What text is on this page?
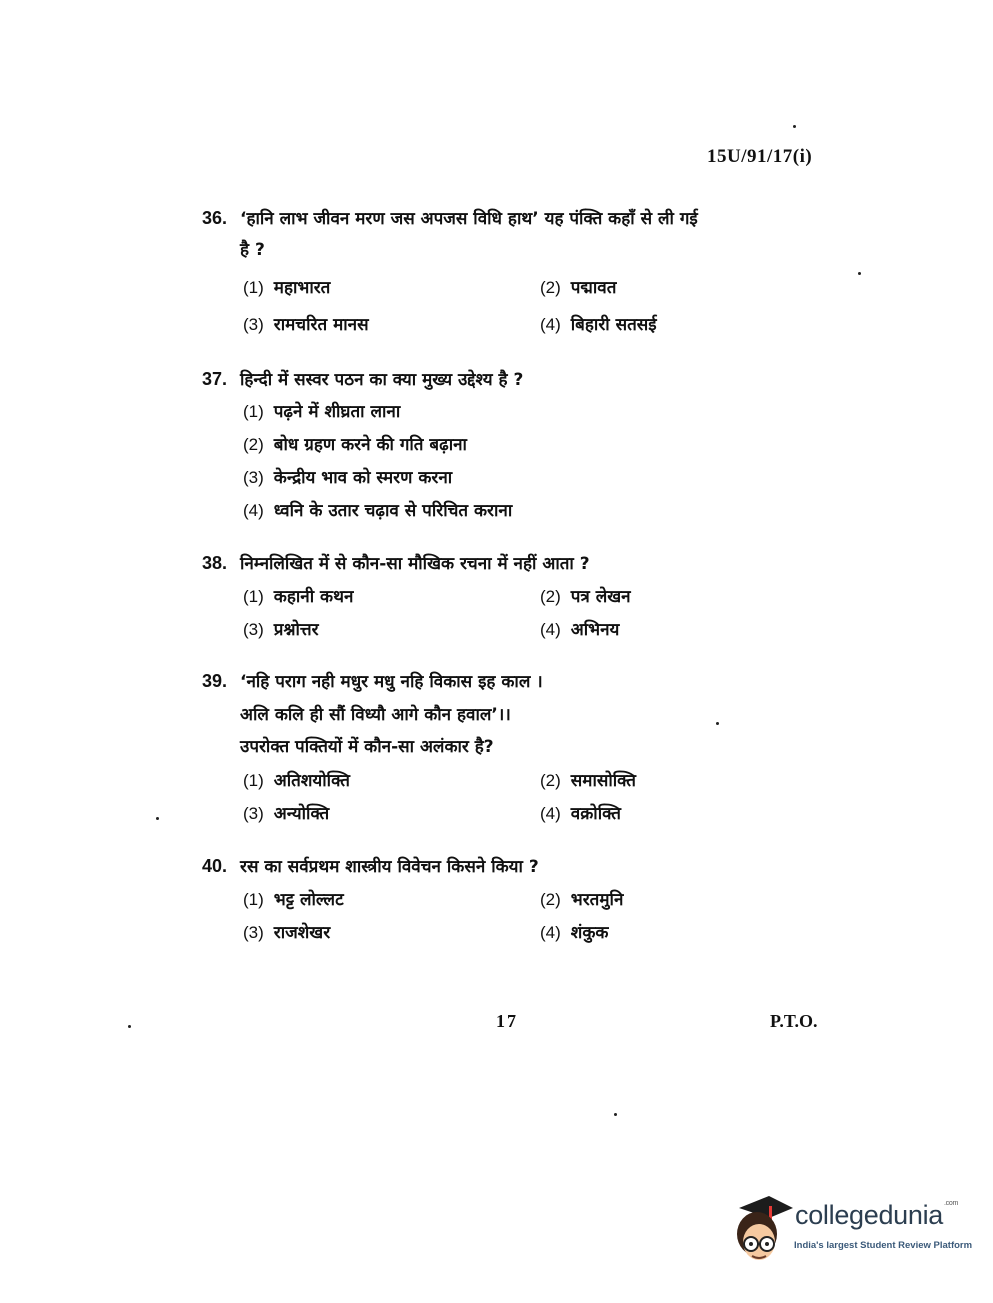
15U/91/17(i)
36. ‘हानि लाभ जीवन मरण जस अपजस विधि हाथ’ यह पंक्ति कहाँ से ली गई
है ?
(1) महाभारत	(2) पद्मावत
(3) रामचरित मानस	(4) बिहारी सतसई
37. हिन्दी में सस्वर पठन का क्या मुख्य उद्देश्य है ?
(1) पढ़ने में शीघ्रता लाना
(2) बोध ग्रहण करने की गति बढ़ाना
(3) केन्द्रीय भाव को स्मरण करना
(4) ध्वनि के उतार चढ़ाव से परिचित कराना
38. निम्नलिखित में से कौन-सा मौखिक रचना में नहीं आता ?
(1) कहानी कथन	(2) पत्र लेखन
(3) प्रश्नोत्तर	(4) अभिनय
39. ‘नहि पराग नही मधुर मधु नहि विकास इह काल ।
अलि कलि ही सौं विध्यौ आगे कौन हवाल’।।
उपरोक्त पक्तियों में कौन-सा अलंकार है?
(1) अतिशयोक्ति	(2) समासोक्ति
(3) अन्योक्ति	(4) वक्रोक्ति
40. रस का सर्वप्रथम शास्त्रीय विवेचन किसने किया ?
(1) भट्ट लोल्लट	(2) भरतमुनि
(3) राजशेखर	(4) शंकुक
17	P.T.O.
collegedunia$^{.com}$
India's largest Student Review Platform
